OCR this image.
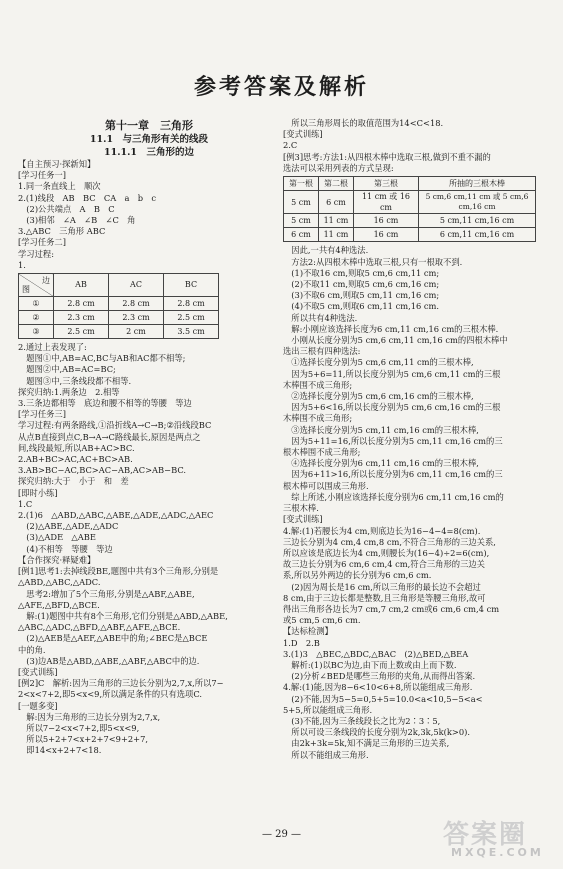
参考答案及解析
第十一章　三角形
11.1　与三角形有关的线段
11.1.1　三角形的边
【自主预习·探新知】
[学习任务一]
1.同一条直线上　顺次
2.(1)线段　AB　BC　CA　a　b　c
　(2)公共端点　A　B　C
　(3)相邻　∠A　∠B　∠C　角
3.△ABC　三角形 ABC
[学习任务二]
学习过程:
1.
边
图	AB	AC	BC
①	2.8 cm	2.8 cm	2.8 cm
②	2.3 cm	2.3 cm	2.5 cm
③	2.5 cm	2 cm	3.5 cm
2.通过上表发现了:
　题图①中,AB=AC,BC与AB和AC都不相等;
　题图②中,AB=AC=BC;
　题图③中,三条线段都不相等.
探究归纳:1.两条边　2.相等
3.三条边都相等　底边和腰不相等的等腰　等边
[学习任务三]
学习过程:有两条路线,①沿折线A→C→B;②沿线段BC
从点B直接到点C,B→A→C路线最长,原因是两点之
间,线段最短,所以AB+AC>BC.
2.AB+BC>AC,AC+BC>AB.
3.AB>BC−AC,BC>AC−AB,AC>AB−BC.
探究归纳:大于　小于　和　差
[即时小练]
1.C
2.(1)6　△ABD,△ABC,△ABE,△ADE,△ADC,△AEC
　(2)△ABE,△ADE,△ADC
　(3)△ADE　△ABE
　(4)不相等　等腰　等边
【合作探究·释疑难】
[例1]思考1:去掉线段BE,题图中共有3个三角形,分别是
△ABD,△ABC,△ADC.
　思考2:增加了5个三角形,分别是△ABF,△ABE,
△AFE,△BFD,△BCE.
　解:(1)题图中共有8个三角形,它们分别是△ABD,△ABE,
△ABC,△ADC,△BFD,△ABF,△AFE,△BCE.
　(2)△AEB是△AEF,△ABE中的角;∠BEC是△BCE
中的角.
　(3)边AB是△ABD,△ABE,△ABF,△ABC中的边.
[变式训练]
[例2]C　解析:因为三角形的三边长分别为2,7,x,所以7−
2<x<7+2,即5<x<9,所以满足条件的只有选项C.
[一题多变]
　解:因为三角形的三边长分别为2,7,x,
　所以7−2<x<7+2,即5<x<9,
　所以5+2+7<x+2+7<9+2+7,
　即14<x+2+7<18.
　所以三角形周长的取值范围为14<C<18.
[变式训练]
2.C
[例3]思考:方法1:从四根木棒中选取三根,做到不重不漏的
选法可以采用列表的方式呈现:
第一根	第二根	第三根	所抽的三根木棒
5 cm	6 cm	11 cm 或 16 cm	5 cm,6 cm,11 cm 或 5 cm,6 cm,16 cm
5 cm	11 cm	16 cm	5 cm,11 cm,16 cm
6 cm	11 cm	16 cm	6 cm,11 cm,16 cm
　因此,一共有4种选法.
　方法2:从四根木棒中选取三根,只有一根取不到.
　(1)不取16 cm,则取5 cm,6 cm,11 cm;
　(2)不取11 cm,则取5 cm,6 cm,16 cm;
　(3)不取6 cm,则取5 cm,11 cm,16 cm;
　(4)不取5 cm,则取6 cm,11 cm,16 cm.
　所以共有4种选法.
　解:小刚应该选择长度为6 cm,11 cm,16 cm的三根木棒.
　小刚从长度分别为5 cm,6 cm,11 cm,16 cm的四根木棒中
选出三根有四种选法:
　①选择长度分别为5 cm,6 cm,11 cm的三根木棒,
　因为5+6=11,所以长度分别为5 cm,6 cm,11 cm的三根
木棒围不成三角形;
　②选择长度分别为5 cm,6 cm,16 cm的三根木棒,
　因为5+6<16,所以长度分别为5 cm,6 cm,16 cm的三根
木棒围不成三角形;
　③选择长度分别为5 cm,11 cm,16 cm的三根木棒,
　因为5+11=16,所以长度分别为5 cm,11 cm,16 cm的三
根木棒围不成三角形;
　④选择长度分别为6 cm,11 cm,16 cm的三根木棒,
　因为6+11>16,所以长度分别为6 cm,11 cm,16 cm的三
根木棒可以围成三角形.
　综上所述,小刚应该选择长度分别为6 cm,11 cm,16 cm的
三根木棒.
[变式训练]
4.解:(1)若腰长为4 cm,则底边长为16−4−4=8(cm).
三边长分别为4 cm,4 cm,8 cm,不符合三角形的三边关系,
所以应该是底边长为4 cm,则腰长为(16−4)÷2=6(cm),
故三边长分别为6 cm,6 cm,4 cm,符合三角形的三边关
系,所以另外两边的长分别为6 cm,6 cm.
　(2)因为周长是16 cm,所以三角形的最长边不会超过
8 cm,由于三边长都是整数,且三角形是等腰三角形,故可
得出三角形各边长为7 cm,7 cm,2 cm或6 cm,6 cm,4 cm
或5 cm,5 cm,6 cm.
【达标检测】
1.D　2.B
3.(1)3　△BEC,△BDC,△BAC　(2)△BED,△BEA
　解析:(1)以BC为边,由下而上数或由上而下数.
　(2)分析∠BED是哪些三角形的夹角,从而得出答案.
4.解:(1)能,因为8−6<10<6+8,所以能组成三角形.
　(2)不能,因为5−5=0,5+5=10.0<a<10,5−5<a<
5+5,所以能组成三角形.
　(3)不能,因为三条线段长之比为2∶3∶5,
　所以可设三条线段的长度分别为2k,3k,5k(k>0).
　由2k+3k=5k,知不满足三角形的三边关系,
　所以不能组成三角形.
— 29 —	答案圈
MXQE.COM
